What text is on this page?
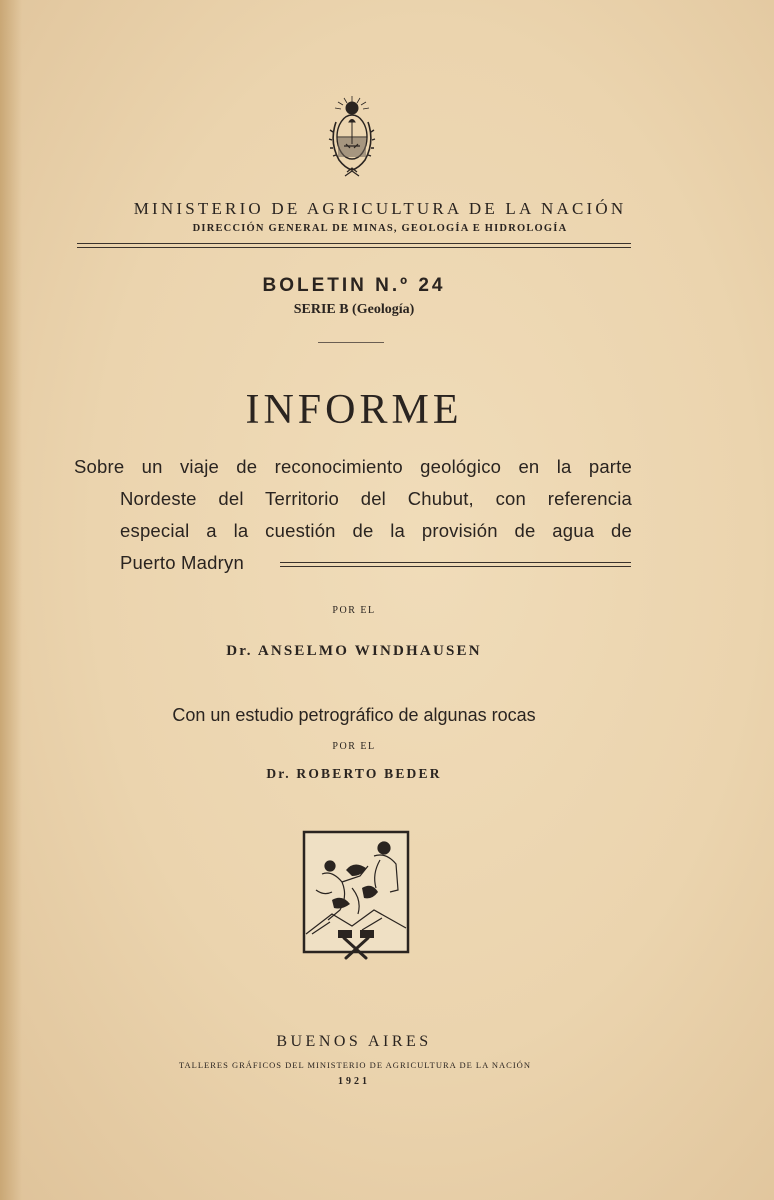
MINISTERIO DE AGRICULTURA DE LA NACIÓN
DIRECCIÓN GENERAL DE MINAS, GEOLOGÍA E HIDROLOGÍA
BOLETIN N.º 24
SERIE B (Geología)
INFORME
Sobre un viaje de reconocimiento geológico en la parte
Nordeste del Territorio del Chubut, con referencia
especial a la cuestión de la provisión de agua de
Puerto Madryn
POR EL
Dr. ANSELMO WINDHAUSEN
Con un estudio petrográfico de algunas rocas
POR EL
Dr. ROBERTO BEDER
BUENOS AIRES
TALLERES GRÁFICOS DEL MINISTERIO DE AGRICULTURA DE LA NACIÓN
1921
